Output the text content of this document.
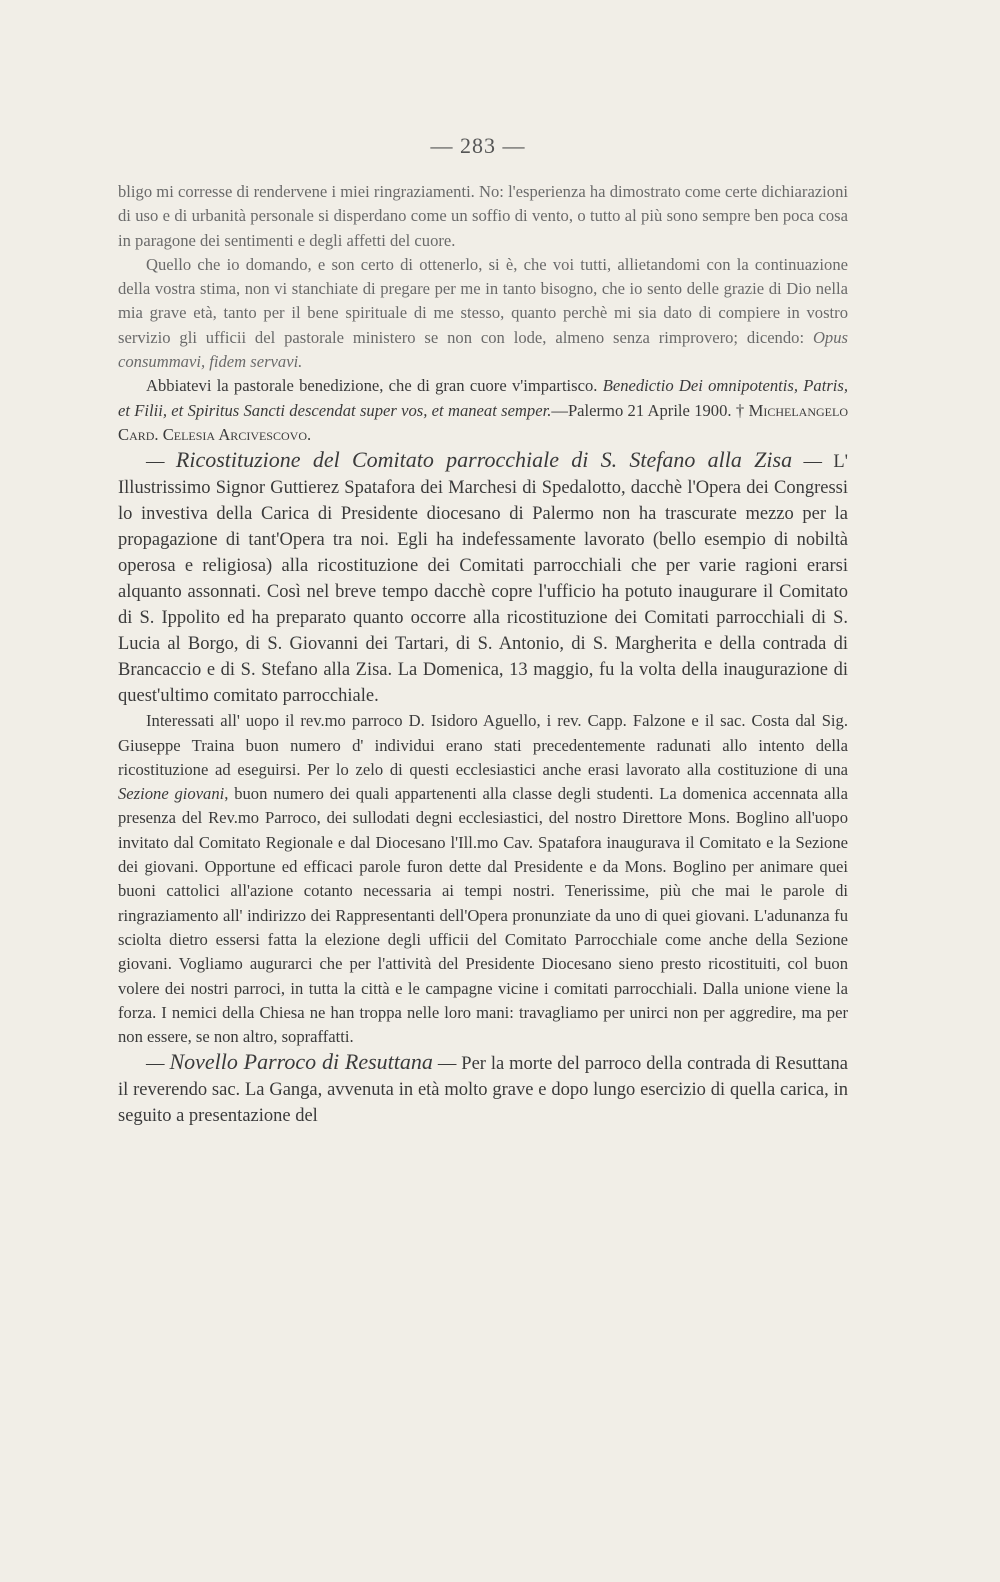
— 283 —

bligo mi corresse di rendervene i miei ringraziamenti. No: l'esperienza ha dimostrato come certe dichiarazioni di uso e di urbanità personale si disperdano come un soffio di vento, o tutto al più sono sempre ben poca cosa in paragone dei sentimenti e degli affetti del cuore.

Quello che io domando, e son certo di ottenerlo, si è, che voi tutti, allietandomi con la continuazione della vostra stima, non vi stanchiate di pregare per me in tanto bisogno, che io sento delle grazie di Dio nella mia grave età, tanto per il bene spirituale di me stesso, quanto perchè mi sia dato di compiere in vostro servizio gli ufficii del pastorale ministero se non con lode, almeno senza rimprovero; dicendo: Opus consummavi, fidem servavi.

Abbiatevi la pastorale benedizione, che di gran cuore v'impartisco. Benedictio Dei omnipotentis, Patris, et Filii, et Spiritus Sancti descendat super vos, et maneat semper.—Palermo 21 Aprile 1900. † Michelangelo Card. Celesia Arcivescovo.

— Ricostituzione del Comitato parrocchiale di S. Stefano alla Zisa — L' Illustrissimo Signor Guttierez Spatafora dei Marchesi di Spedalotto, dacchè l'Opera dei Congressi lo investiva della Carica di Presidente diocesano di Palermo non ha trascurate mezzo per la propagazione di tant'Opera tra noi. Egli ha indefessamente lavorato (bello esempio di nobiltà operosa e religiosa) alla ricostituzione dei Comitati parrocchiali che per varie ragioni erarsi alquanto assonnati. Così nel breve tempo dacchè copre l'ufficio ha potuto inaugurare il Comitato di S. Ippolito ed ha preparato quanto occorre alla ricostituzione dei Comitati parrocchiali di S. Lucia al Borgo, di S. Giovanni dei Tartari, di S. Antonio, di S. Margherita e della contrada di Brancaccio e di S. Stefano alla Zisa. La Domenica, 13 maggio, fu la volta della inaugurazione di quest'ultimo comitato parrocchiale.

Interessati all' uopo il rev.mo parroco D. Isidoro Aguello, i rev. Capp. Falzone e il sac. Costa dal Sig. Giuseppe Traina buon numero d' individui erano stati precedentemente radunati allo intento della ricostituzione ad eseguirsi. Per lo zelo di questi ecclesiastici anche erasi lavorato alla costituzione di una Sezione giovani, buon numero dei quali appartenenti alla classe degli studenti. La domenica accennata alla presenza del Rev.mo Parroco, dei sullodati degni ecclesiastici, del nostro Direttore Mons. Boglino all'uopo invitato dal Comitato Regionale e dal Diocesano l'Ill.mo Cav. Spatafora inaugurava il Comitato e la Sezione dei giovani. Opportune ed efficaci parole furon dette dal Presidente e da Mons. Boglino per animare quei buoni cattolici all'azione cotanto necessaria ai tempi nostri. Tenerissime, più che mai le parole di ringraziamento all' indirizzo dei Rappresentanti dell'Opera pronunziate da uno di quei giovani. L'adunanza fu sciolta dietro essersi fatta la elezione degli ufficii del Comitato Parrocchiale come anche della Sezione giovani. Vogliamo augurarci che per l'attività del Presidente Diocesano sieno presto ricostituiti, col buon volere dei nostri parroci, in tutta la città e le campagne vicine i comitati parrocchiali. Dalla unione viene la forza. I nemici della Chiesa ne han troppa nelle loro mani: travagliamo per unirci non per aggredire, ma per non essere, se non altro, sopraffatti.

— Novello Parroco di Resuttana — Per la morte del parroco della contrada di Resuttana il reverendo sac. La Ganga, avvenuta in età molto grave e dopo lungo esercizio di quella carica, in seguito a presentazione del
